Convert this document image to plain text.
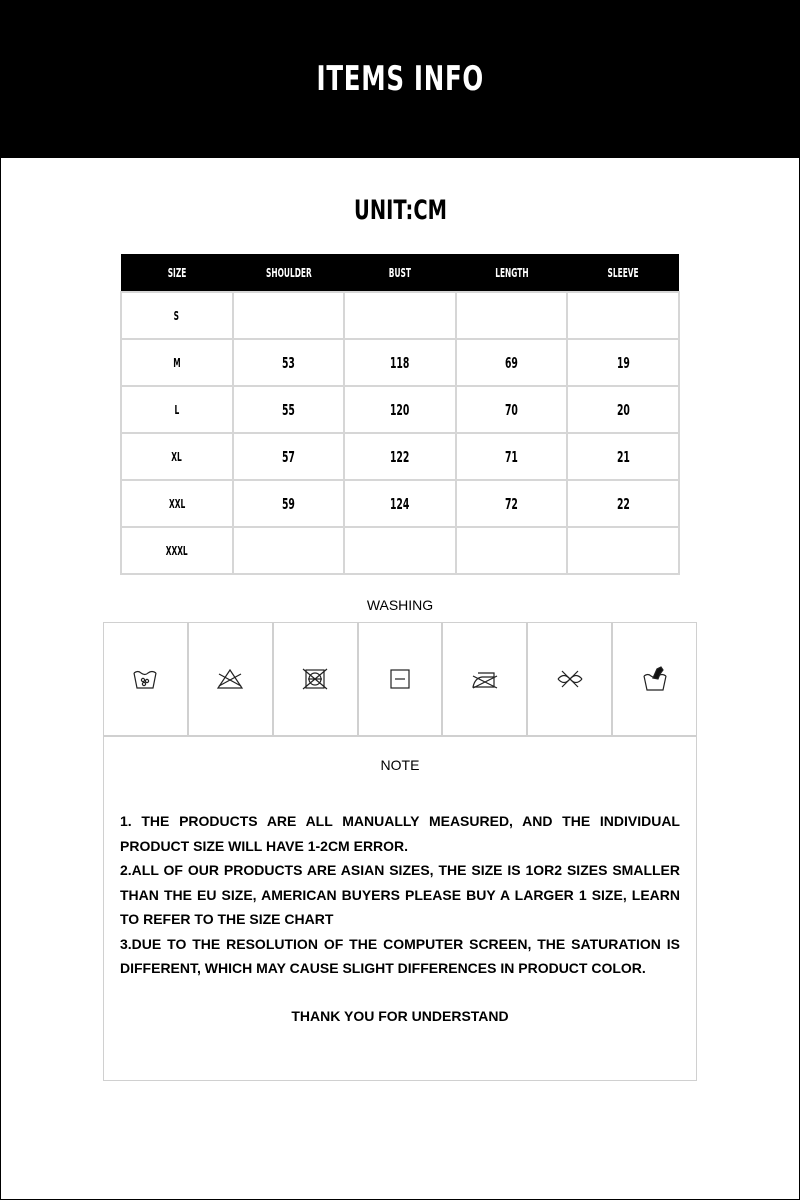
ITEMS INFO
UNIT:CM
SIZE	SHOULDER	BUST	LENGTH	SLEEVE
S				
M	53	118	69	19
L	55	120	70	20
XL	57	122	71	21
XXL	59	124	72	22
XXXL				
WASHING
NOTE
1. THE PRODUCTS ARE ALL MANUALLY MEASURED, AND THE INDIVIDUAL PRODUCT SIZE WILL HAVE 1-2CM ERROR.
2.ALL OF OUR PRODUCTS ARE ASIAN SIZES, THE SIZE IS 1OR2 SIZES SMALLER THAN THE EU SIZE, AMERICAN BUYERS PLEASE BUY A LARGER 1 SIZE, LEARN TO REFER TO THE SIZE CHART
3.DUE TO THE RESOLUTION OF THE COMPUTER SCREEN, THE SATURATION IS DIFFERENT, WHICH MAY CAUSE SLIGHT DIFFERENCES IN PRODUCT COLOR.
THANK YOU FOR UNDERSTAND
